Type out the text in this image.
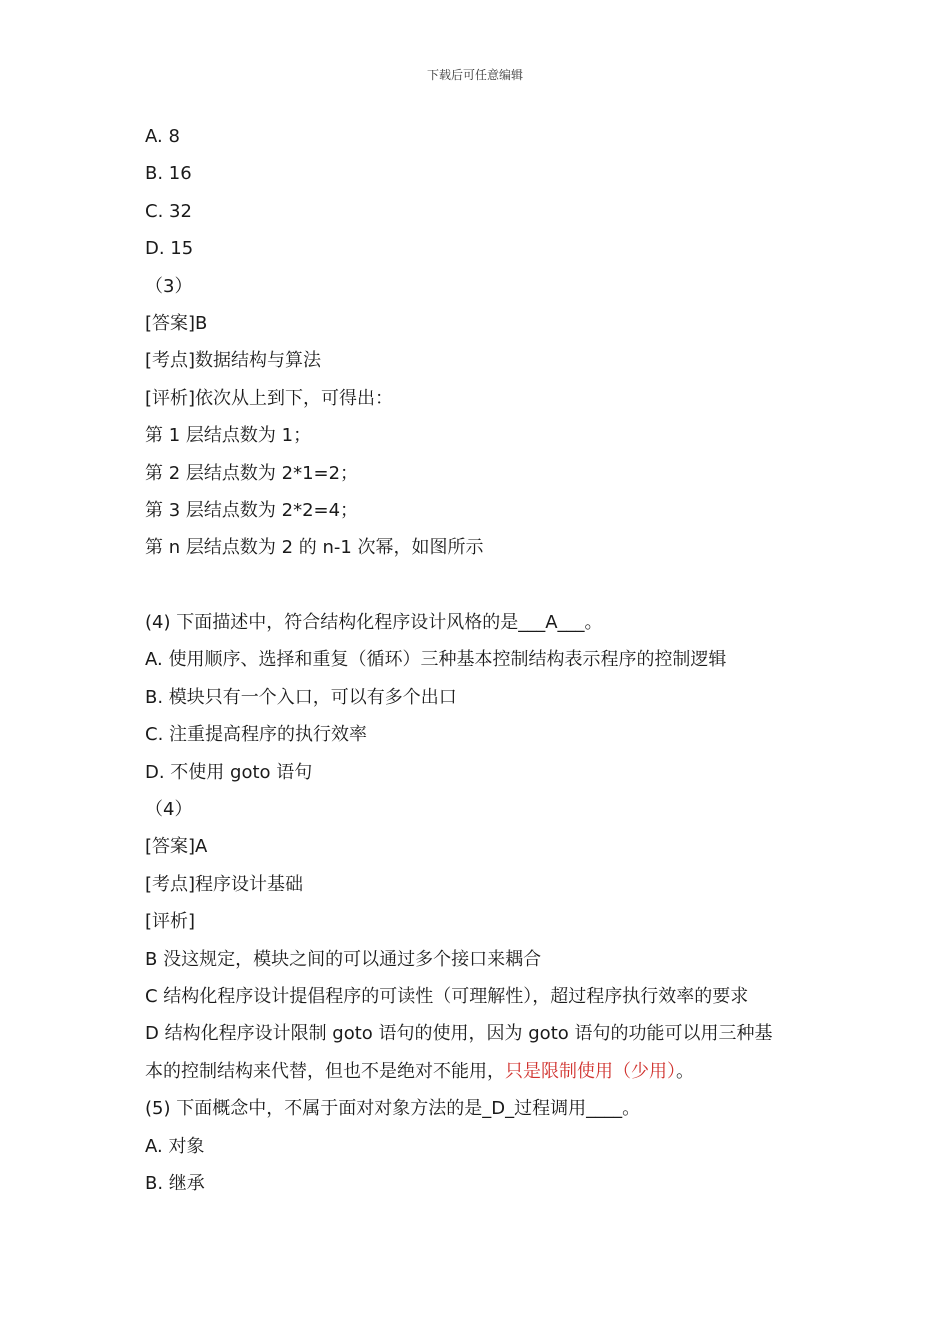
下载后可任意编辑
A. 8
B. 16
C. 32
D. 15
（3）
[答案]B
[考点]数据结构与算法
[评析]依次从上到下，可得出：
第 1 层结点数为 1；
第 2 层结点数为 2*1=2；
第 3 层结点数为 2*2=4；
第 n 层结点数为 2 的 n-1 次幂，如图所示
(4) 下面描述中，符合结构化程序设计风格的是___A___。
A. 使用顺序、选择和重复（循环）三种基本控制结构表示程序的控制逻辑
B. 模块只有一个入口，可以有多个出口
C. 注重提高程序的执行效率
D. 不使用 goto 语句
（4）
[答案]A
[考点]程序设计基础
[评析]
B 没这规定，模块之间的可以通过多个接口来耦合
C 结构化程序设计提倡程序的可读性（可理解性），超过程序执行效率的要求
D 结构化程序设计限制 goto 语句的使用，因为 goto 语句的功能可以用三种基
本的控制结构来代替，但也不是绝对不能用，只是限制使用（少用）。
(5) 下面概念中，不属于面对对象方法的是_D_过程调用____。
A. 对象
B. 继承
